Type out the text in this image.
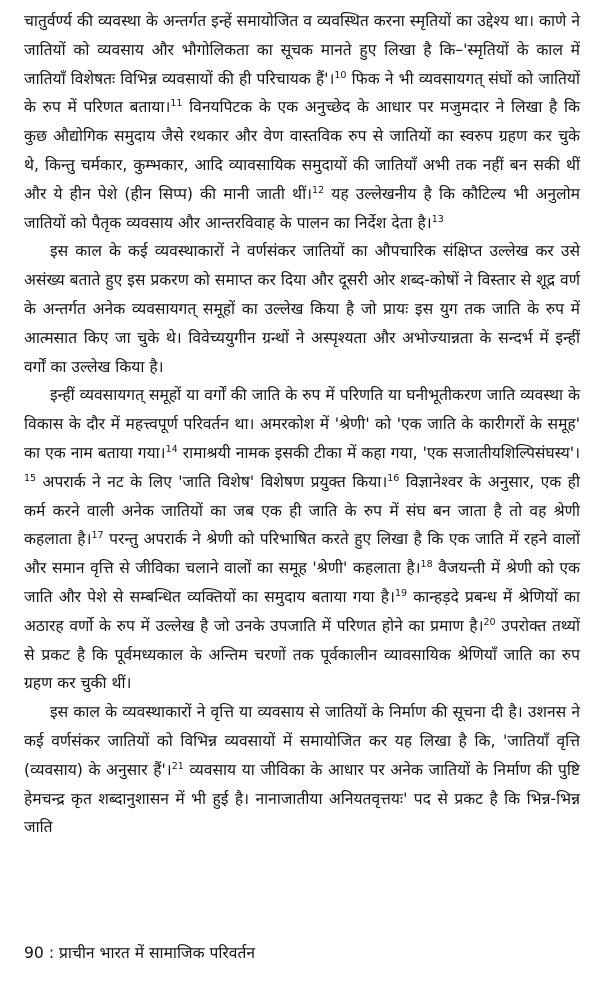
चातुर्वर्ण्य की व्यवस्था के अन्तर्गत इन्हें समायोजित व व्यवस्थित करना स्मृतियों का उद्देश्य था। काणे ने जातियों को व्यवसाय और भौगोलिकता का सूचक मानते हुए लिखा है कि–'स्मृतियों के काल में जातियाँ विशेषतः विभिन्न व्यवसायों की ही परिचायक हैं'।$^{10}$ फिक ने भी व्यवसायगत् संघों को जातियों के रुप में परिणत बताया।$^{11}$ विनयपिटक के एक अनुच्छेद के आधार पर मजुमदार ने लिखा है कि कुछ औद्योगिक समुदाय जैसे रथकार और वेण वास्तविक रुप से जातियों का स्वरुप ग्रहण कर चुके थे, किन्तु चर्मकार, कुम्भकार, आदि व्यावसायिक समुदायों की जातियाँ अभी तक नहीं बन सकी थीं और ये हीन पेशे (हीन सिप्प) की मानी जाती थीं।$^{12}$ यह उल्लेखनीय है कि कौटिल्य भी अनुलोम जातियों को पैतृक व्यवसाय और आन्तरविवाह के पालन का निर्देश देता है।$^{13}$

इस काल के कई व्यवस्थाकारों ने वर्णसंकर जातियों का औपचारिक संक्षिप्त उल्लेख कर उसे असंख्य बताते हुए इस प्रकरण को समाप्त कर दिया और दूसरी ओर शब्द-कोषों ने विस्तार से शूद्र वर्ण के अन्तर्गत अनेक व्यवसायगत् समूहों का उल्लेख किया है जो प्रायः इस युग तक जाति के रुप में आत्मसात किए जा चुके थे। विवेच्ययुगीन ग्रन्थों ने अस्पृश्यता और अभोज्यान्नता के सन्दर्भ में इन्हीं वर्गों का उल्लेख किया है।

इन्हीं व्यवसायगत् समूहों या वर्गों की जाति के रुप में परिणति या घनीभूतीकरण जाति व्यवस्था के विकास के दौर में महत्त्वपूर्ण परिवर्तन था। अमरकोश में 'श्रेणी' को 'एक जाति के कारीगरों के समूह' का एक नाम बताया गया।$^{14}$ रामाश्रयी नामक इसकी टीका में कहा गया, 'एक सजातीयशिल्पिसंघस्य'।$^{15}$ अपरार्क ने नट के लिए 'जाति विशेष' विशेषण प्रयुक्त किया।$^{16}$ विज्ञानेश्वर के अनुसार, एक ही कर्म करने वाली अनेक जातियों का जब एक ही जाति के रुप में संघ बन जाता है तो वह श्रेणी कहलाता है।$^{17}$ परन्तु अपरार्क ने श्रेणी को परिभाषित करते हुए लिखा है कि एक जाति में रहने वालों और समान वृत्ति से जीविका चलाने वालों का समूह 'श्रेणी' कहलाता है।$^{18}$ वैजयन्ती में श्रेणी को एक जाति और पेशे से सम्बन्धित व्यक्तियों का समुदाय बताया गया है।$^{19}$ कान्हड़दे प्रबन्ध में श्रेणियों का अठारह वर्णो के रुप में उल्लेख है जो उनके उपजाति में परिणत होने का प्रमाण है।$^{20}$ उपरोक्त तथ्यों से प्रकट है कि पूर्वमध्यकाल के अन्तिम चरणों तक पूर्वकालीन व्यावसायिक श्रेणियाँ जाति का रुप ग्रहण कर चुकी थीं।

इस काल के व्यवस्थाकारों ने वृत्ति या व्यवसाय से जातियों के निर्माण की सूचना दी है। उशनस ने कई वर्णसंकर जातियों को विभिन्न व्यवसायों में समायोजित कर यह लिखा है कि, 'जातियाँ वृत्ति (व्यवसाय) के अनुसार हैं'।$^{21}$ व्यवसाय या जीविका के आधार पर अनेक जातियों के निर्माण की पुष्टि हेमचन्द्र कृत शब्दानुशासन में भी हुई है। नानाजातीया अनियतवृत्तयः' पद से प्रकट है कि भिन्न-भिन्न जाति

90 : प्राचीन भारत में सामाजिक परिवर्तन
